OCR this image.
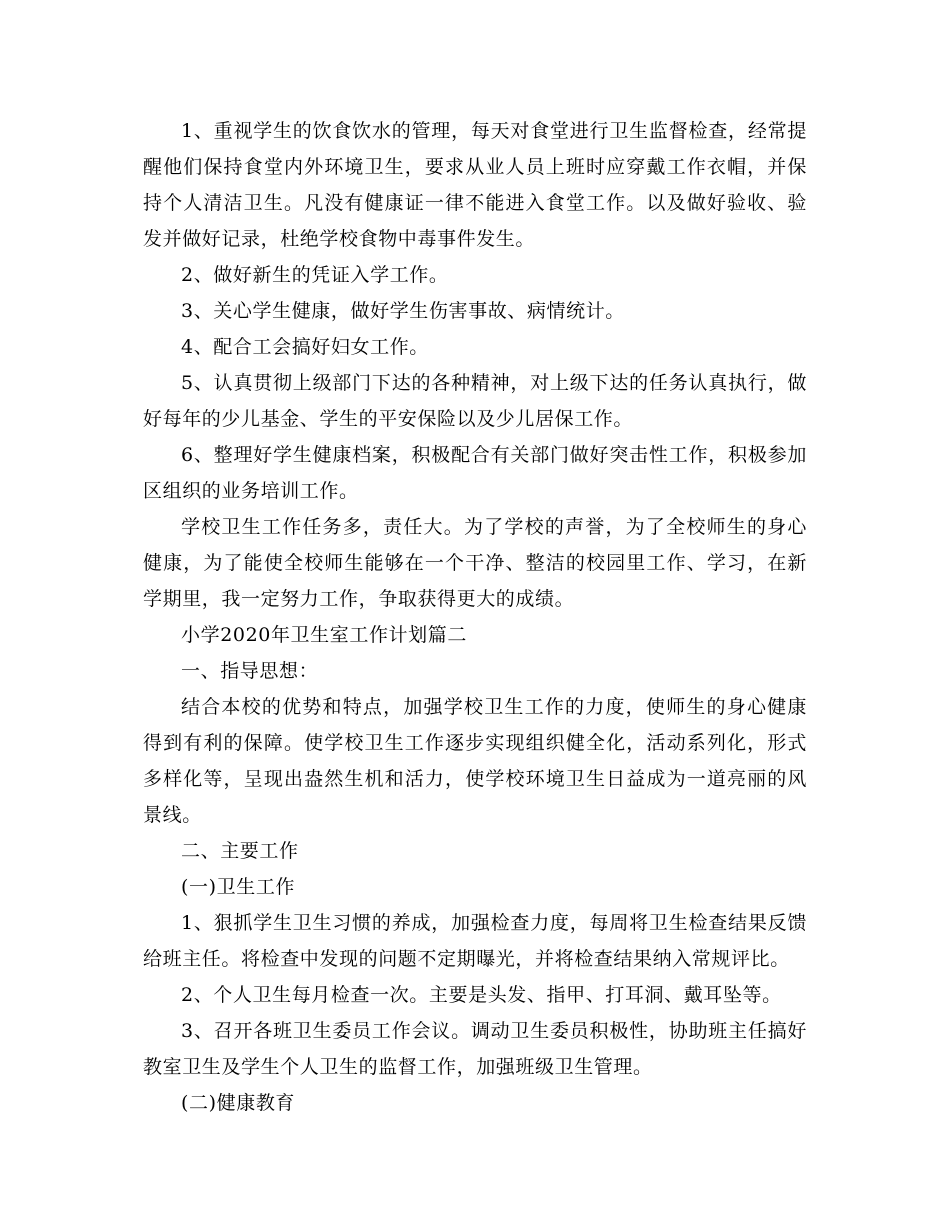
1、重视学生的饮食饮水的管理，每天对食堂进行卫生监督检查，经常提醒他们保持食堂内外环境卫生，要求从业人员上班时应穿戴工作衣帽，并保持个人清洁卫生。凡没有健康证一律不能进入食堂工作。以及做好验收、验发并做好记录，杜绝学校食物中毒事件发生。

2、做好新生的凭证入学工作。

3、关心学生健康，做好学生伤害事故、病情统计。

4、配合工会搞好妇女工作。

5、认真贯彻上级部门下达的各种精神，对上级下达的任务认真执行，做好每年的少儿基金、学生的平安保险以及少儿居保工作。

6、整理好学生健康档案，积极配合有关部门做好突击性工作，积极参加区组织的业务培训工作。

学校卫生工作任务多，责任大。为了学校的声誉，为了全校师生的身心健康，为了能使全校师生能够在一个干净、整洁的校园里工作、学习，在新学期里，我一定努力工作，争取获得更大的成绩。

小学2020年卫生室工作计划篇二

一、指导思想：

结合本校的优势和特点，加强学校卫生工作的力度，使师生的身心健康得到有利的保障。使学校卫生工作逐步实现组织健全化，活动系列化，形式多样化等，呈现出盎然生机和活力，使学校环境卫生日益成为一道亮丽的风景线。

二、主要工作

(一)卫生工作

1、狠抓学生卫生习惯的养成，加强检查力度，每周将卫生检查结果反馈给班主任。将检查中发现的问题不定期曝光，并将检查结果纳入常规评比。

2、个人卫生每月检查一次。主要是头发、指甲、打耳洞、戴耳坠等。

3、召开各班卫生委员工作会议。调动卫生委员积极性，协助班主任搞好教室卫生及学生个人卫生的监督工作，加强班级卫生管理。

(二)健康教育
